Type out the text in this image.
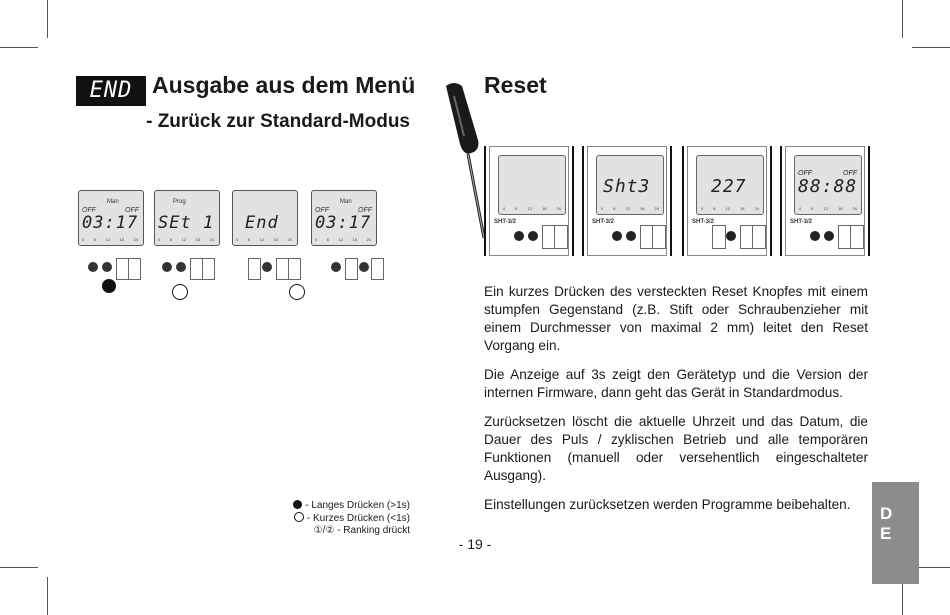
END Ausgabe aus dem Menü
- Zurück zur Standard-Modus
Reset
Man
OFF	OFF
03:17
0 6 12 18 24
Prog
SEt 1
0 6 12 18 24
End
0 6 12 18 24
Man
OFF	OFF
03:17
0 6 12 18 24
0	6	12	18	24
SHT-3/2
Sht3
0	6	12	18	24
SHT-3/2
227
0	6	12	18	24
SHT-3/2
OFF	OFF
88:88
0	6	12	18	24
SHT-3/2

Ein kurzes Drücken des versteckten Reset Knopfes mit einem stumpfen Gegenstand (z.B. Stift oder Schraubenzieher mit einem Durchmesser von maximal 2 mm) leitet den Reset Vorgang ein.

Die Anzeige auf 3s zeigt den Gerätetyp und die Version der internen Firmware, dann geht das Gerät in Standardmodus.

Zurücksetzen löscht die aktuelle Uhrzeit und das Datum, die Dauer des Puls / zyklischen Betrieb und alle temporären Funktionen (manuell oder versehentlich eingeschalteter Ausgang).

Einstellungen zurücksetzen werden Programme beibehalten.

- Langes Drücken (>1s)
- Kurzes Drücken (<1s)
①/② - Ranking drückt
- 19 -
D
E
